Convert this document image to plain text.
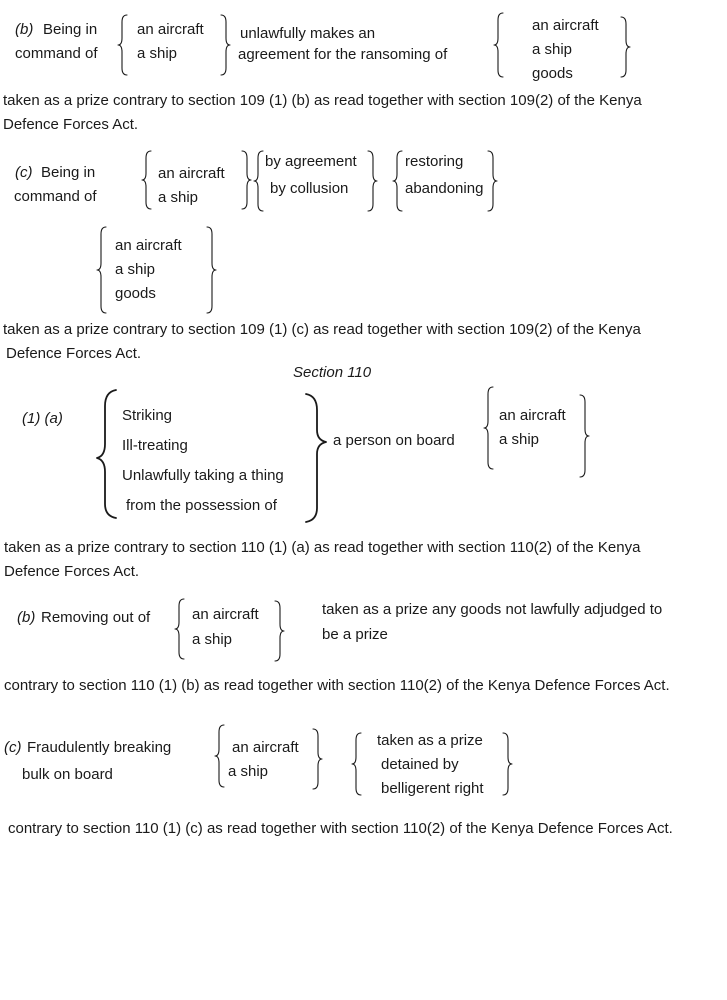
(b) Being in
command of
an aircraft
a ship
unlawfully makes an
agreement for the ransoming of
an aircraft
a ship
goods
taken as a prize contrary to section 109 (1) (b) as read together with section 109(2) of the Kenya
Defence Forces Act.
(c) Being in
command of
an aircraft
a ship
by agreement
by collusion
restoring
abandoning
an aircraft
a ship
goods
taken as a prize contrary to section 109 (1) (c) as read together with section 109(2) of the Kenya
Defence Forces Act.
Section 110
(1) (a)	Striking
Ill-treating
Unlawfully taking a thing
from the possession of
a person on board
an aircraft
a ship
taken as a prize contrary to section 110 (1) (a) as read together with section 110(2) of the Kenya
Defence Forces Act.
(b) Removing out of	an aircraft
a ship
taken as a prize any goods not lawfully adjudged to
be a prize
contrary to section 110 (1) (b) as read together with section 110(2) of the Kenya Defence Forces Act.
(c) Fraudulently breaking
bulk on board
an aircraft
a ship
taken as a prize
detained by
belligerent right
contrary to section 110 (1) (c) as read together with section 110(2) of the Kenya Defence Forces Act.
